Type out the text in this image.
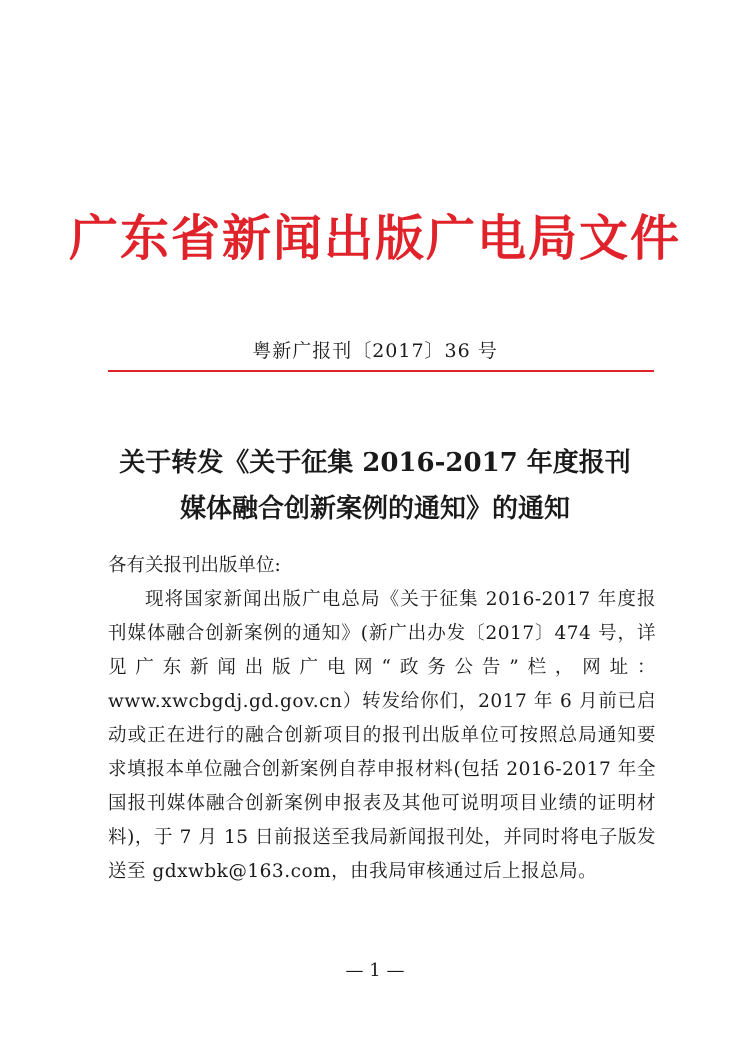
广东省新闻出版广电局文件
粤新广报刊〔2017〕36 号
关于转发《关于征集 2016-2017 年度报刊
媒体融合创新案例的通知》的通知

各有关报刊出版单位:

现将国家新闻出版广电总局《关于征集 2016-2017 年度报刊媒体融合创新案例的通知》(新广出办发〔2017〕474 号，详见广东新闻出版广电网“政务公告”栏，网址：www.xwcbgdj.gd.gov.cn）转发给你们，2017 年 6 月前已启动或正在进行的融合创新项目的报刊出版单位可按照总局通知要求填报本单位融合创新案例自荐申报材料(包括 2016-2017 年全国报刊媒体融合创新案例申报表及其他可说明项目业绩的证明材料)，于 7 月 15 日前报送至我局新闻报刊处，并同时将电子版发送至 gdxwbk@163.com，由我局审核通过后上报总局。

— 1 —
